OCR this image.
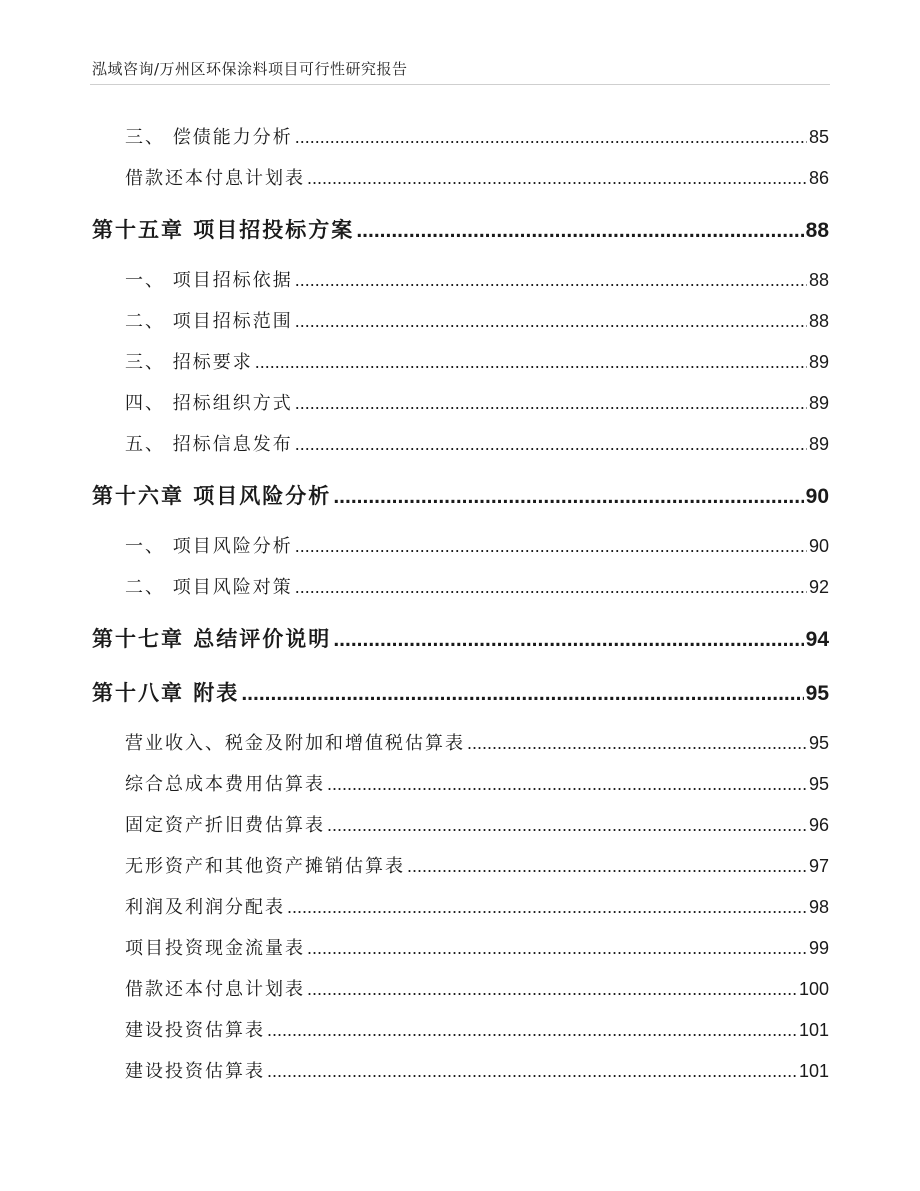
泓域咨询/万州区环保涂料项目可行性研究报告
三、 偿债能力分析 .....	85
借款还本付息计划表 .....	86
第十五章 项目招投标方案 .....	88
一、 项目招标依据 .....	88
二、 项目招标范围 .....	88
三、 招标要求 .....	89
四、 招标组织方式 .....	89
五、 招标信息发布 .....	89
第十六章 项目风险分析 .....	90
一、 项目风险分析 .....	90
二、 项目风险对策 .....	92
第十七章 总结评价说明 .....	94
第十八章 附表 .....	95
营业收入、税金及附加和增值税估算表 .....	95
综合总成本费用估算表 .....	95
固定资产折旧费估算表 .....	96
无形资产和其他资产摊销估算表 .....	97
利润及利润分配表 .....	98
项目投资现金流量表 .....	99
借款还本付息计划表 .....	100
建设投资估算表 .....	101
建设投资估算表 .....	101
